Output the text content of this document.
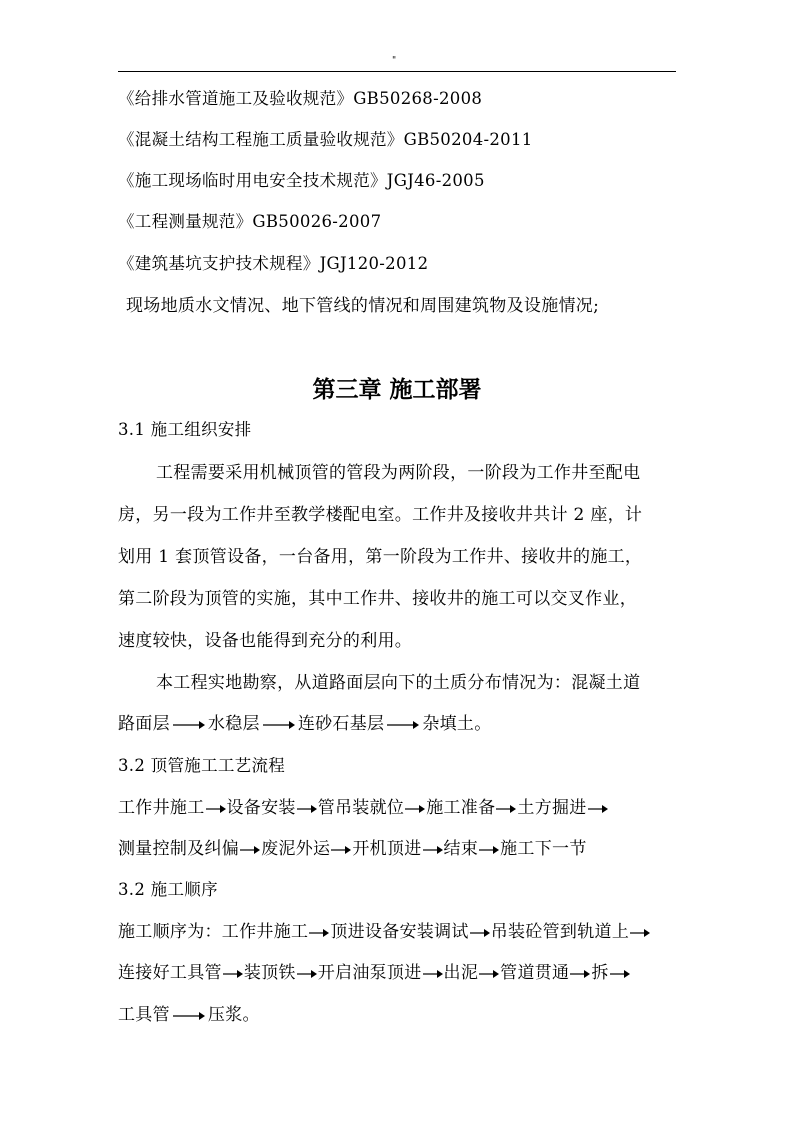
"
《给排水管道施工及验收规范》GB50268-2008
《混凝土结构工程施工质量验收规范》GB50204-2011
《施工现场临时用电安全技术规范》JGJ46-2005
《工程测量规范》GB50026-2007
《建筑基坑支护技术规程》JGJ120-2012
现场地质水文情况、地下管线的情况和周围建筑物及设施情况;
第三章 施工部署
3.1 施工组织安排
工程需要采用机械顶管的管段为两阶段，一阶段为工作井至配电
房，另一段为工作井至教学楼配电室。工作井及接收井共计 2 座，计
划用 1 套顶管设备，一台备用，第一阶段为工作井、接收井的施工，
第二阶段为顶管的实施，其中工作井、接收井的施工可以交叉作业，
速度较快，设备也能得到充分的利用。
本工程实地勘察，从道路面层向下的土质分布情况为：混凝土道
路面层 水稳层 连砂石基层 杂填土。
3.2 顶管施工工艺流程
工作井施工 设备安装 管吊装就位 施工准备 土方掘进
测量控制及纠偏 废泥外运 开机顶进 结束 施工下一节
3.2 施工顺序
施工顺序为：工作井施工 顶进设备安装调试 吊装砼管到轨道上
连接好工具管 装顶铁 开启油泵顶进 出泥 管道贯通 拆
工具管 压浆。
